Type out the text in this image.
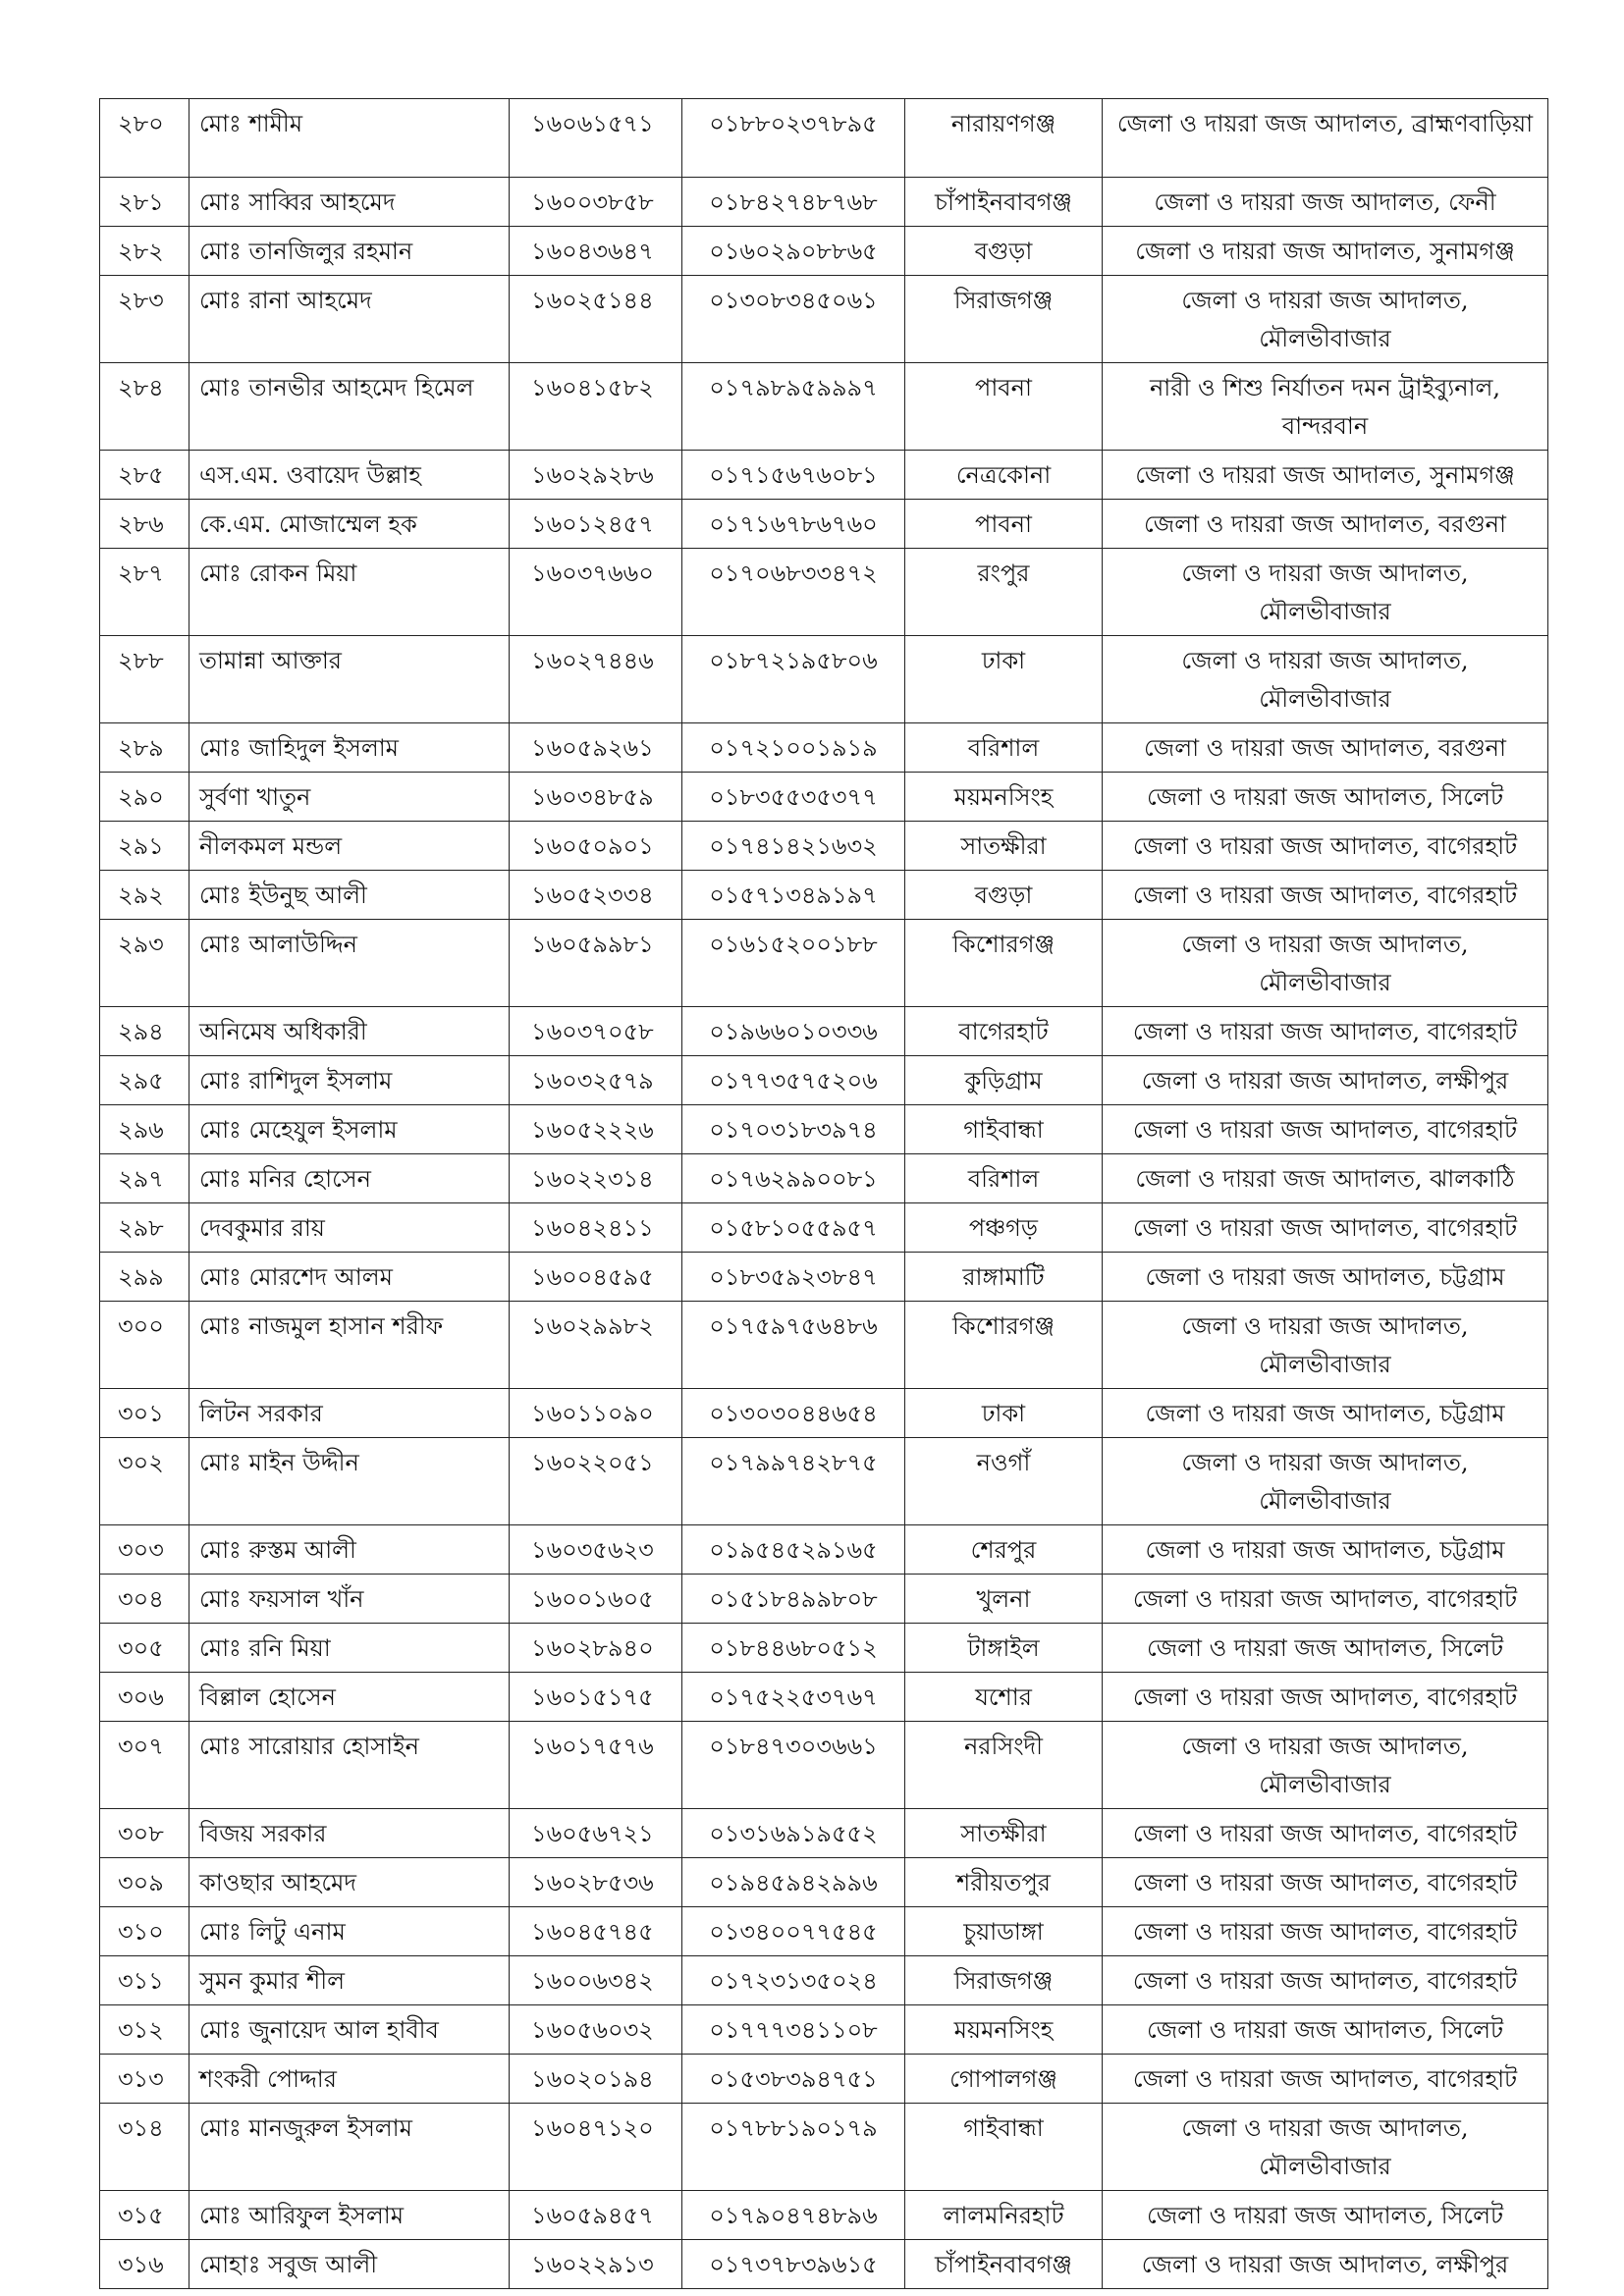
২৮০	মোঃ শামীম	১৬০৬১৫৭১	০১৮৮০২৩৭৮৯৫	নারায়ণগঞ্জ	জেলা ও দায়রা জজ আদালত, ব্রাহ্মণবাড়িয়া
২৮১	মোঃ সাব্বির আহমেদ	১৬০০৩৮৫৮	০১৮৪২৭৪৮৭৬৮	চাঁপাইনবাবগঞ্জ	জেলা ও দায়রা জজ আদালত, ফেনী
২৮২	মোঃ তানজিলুর রহমান	১৬০৪৩৬৪৭	০১৬০২৯০৮৮৬৫	বগুড়া	জেলা ও দায়রা জজ আদালত, সুনামগঞ্জ
২৮৩	মোঃ রানা আহমেদ	১৬০২৫১৪৪	০১৩০৮৩৪৫০৬১	সিরাজগঞ্জ	জেলা ও দায়রা জজ আদালত, মৌলভীবাজার
২৮৪	মোঃ তানভীর আহমেদ হিমেল	১৬০৪১৫৮২	০১৭৯৮৯৫৯৯৯৭	পাবনা	নারী ও শিশু নির্যাতন দমন ট্রাইব্যুনাল, বান্দরবান
২৮৫	এস.এম. ওবায়েদ উল্লাহ	১৬০২৯২৮৬	০১৭১৫৬৭৬০৮১	নেত্রকোনা	জেলা ও দায়রা জজ আদালত, সুনামগঞ্জ
২৮৬	কে.এম. মোজাম্মেল হক	১৬০১২৪৫৭	০১৭১৬৭৮৬৭৬০	পাবনা	জেলা ও দায়রা জজ আদালত, বরগুনা
২৮৭	মোঃ রোকন মিয়া	১৬০৩৭৬৬০	০১৭০৬৮৩৩৪৭২	রংপুর	জেলা ও দায়রা জজ আদালত, মৌলভীবাজার
২৮৮	তামান্না আক্তার	১৬০২৭৪৪৬	০১৮৭২১৯৫৮০৬	ঢাকা	জেলা ও দায়রা জজ আদালত, মৌলভীবাজার
২৮৯	মোঃ জাহিদুল ইসলাম	১৬০৫৯২৬১	০১৭২১০০১৯১৯	বরিশাল	জেলা ও দায়রা জজ আদালত, বরগুনা
২৯০	সুর্বণা খাতুন	১৬০৩৪৮৫৯	০১৮৩৫৫৩৫৩৭৭	ময়মনসিংহ	জেলা ও দায়রা জজ আদালত, সিলেট
২৯১	নীলকমল মন্ডল	১৬০৫০৯০১	০১৭৪১৪২১৬৩২	সাতক্ষীরা	জেলা ও দায়রা জজ আদালত, বাগেরহাট
২৯২	মোঃ ইউনুছ আলী	১৬০৫২৩৩৪	০১৫৭১৩৪৯১৯৭	বগুড়া	জেলা ও দায়রা জজ আদালত, বাগেরহাট
২৯৩	মোঃ আলাউদ্দিন	১৬০৫৯৯৮১	০১৬১৫২০০১৮৮	কিশোরগঞ্জ	জেলা ও দায়রা জজ আদালত, মৌলভীবাজার
২৯৪	অনিমেষ অধিকারী	১৬০৩৭০৫৮	০১৯৬৬০১০৩৩৬	বাগেরহাট	জেলা ও দায়রা জজ আদালত, বাগেরহাট
২৯৫	মোঃ রাশিদুল ইসলাম	১৬০৩২৫৭৯	০১৭৭৩৫৭৫২০৬	কুড়িগ্রাম	জেলা ও দায়রা জজ আদালত, লক্ষীপুর
২৯৬	মোঃ মেহেযুল ইসলাম	১৬০৫২২২৬	০১৭০৩১৮৩৯৭৪	গাইবান্ধা	জেলা ও দায়রা জজ আদালত, বাগেরহাট
২৯৭	মোঃ মনির হোসেন	১৬০২২৩১৪	০১৭৬২৯৯০০৮১	বরিশাল	জেলা ও দায়রা জজ আদালত, ঝালকাঠি
২৯৮	দেবকুমার রায়	১৬০৪২৪১১	০১৫৮১০৫৫৯৫৭	পঞ্চগড়	জেলা ও দায়রা জজ আদালত, বাগেরহাট
২৯৯	মোঃ মোরশেদ আলম	১৬০০৪৫৯৫	০১৮৩৫৯২৩৮৪৭	রাঙ্গামাটি	জেলা ও দায়রা জজ আদালত, চট্টগ্রাম
৩০০	মোঃ নাজমুল হাসান শরীফ	১৬০২৯৯৮২	০১৭৫৯৭৫৬৪৮৬	কিশোরগঞ্জ	জেলা ও দায়রা জজ আদালত, মৌলভীবাজার
৩০১	লিটন সরকার	১৬০১১০৯০	০১৩০৩০৪৪৬৫৪	ঢাকা	জেলা ও দায়রা জজ আদালত, চট্টগ্রাম
৩০২	মোঃ মাইন উদ্দীন	১৬০২২০৫১	০১৭৯৯৭৪২৮৭৫	নওগাঁ	জেলা ও দায়রা জজ আদালত, মৌলভীবাজার
৩০৩	মোঃ রুস্তম আলী	১৬০৩৫৬২৩	০১৯৫৪৫২৯১৬৫	শেরপুর	জেলা ও দায়রা জজ আদালত, চট্টগ্রাম
৩০৪	মোঃ ফয়সাল খাঁন	১৬০০১৬০৫	০১৫১৮৪৯৯৮০৮	খুলনা	জেলা ও দায়রা জজ আদালত, বাগেরহাট
৩০৫	মোঃ রনি মিয়া	১৬০২৮৯৪০	০১৮৪৪৬৮০৫১২	টাঙ্গাইল	জেলা ও দায়রা জজ আদালত, সিলেট
৩০৬	বিল্লাল হোসেন	১৬০১৫১৭৫	০১৭৫২২৫৩৭৬৭	যশোর	জেলা ও দায়রা জজ আদালত, বাগেরহাট
৩০৭	মোঃ সারোয়ার হোসাইন	১৬০১৭৫৭৬	০১৮৪৭৩০৩৬৬১	নরসিংদী	জেলা ও দায়রা জজ আদালত, মৌলভীবাজার
৩০৮	বিজয় সরকার	১৬০৫৬৭২১	০১৩১৬৯১৯৫৫২	সাতক্ষীরা	জেলা ও দায়রা জজ আদালত, বাগেরহাট
৩০৯	কাওছার আহমেদ	১৬০২৮৫৩৬	০১৯৪৫৯৪২৯৯৬	শরীয়তপুর	জেলা ও দায়রা জজ আদালত, বাগেরহাট
৩১০	মোঃ লিটু এনাম	১৬০৪৫৭৪৫	০১৩৪০০৭৭৫৪৫	চুয়াডাঙ্গা	জেলা ও দায়রা জজ আদালত, বাগেরহাট
৩১১	সুমন কুমার শীল	১৬০০৬৩৪২	০১৭২৩১৩৫০২৪	সিরাজগঞ্জ	জেলা ও দায়রা জজ আদালত, বাগেরহাট
৩১২	মোঃ জুনায়েদ আল হাবীব	১৬০৫৬০৩২	০১৭৭৭৩৪১১০৮	ময়মনসিংহ	জেলা ও দায়রা জজ আদালত, সিলেট
৩১৩	শংকরী পোদ্দার	১৬০২০১৯৪	০১৫৩৮৩৯৪৭৫১	গোপালগঞ্জ	জেলা ও দায়রা জজ আদালত, বাগেরহাট
৩১৪	মোঃ মানজুরুল ইসলাম	১৬০৪৭১২০	০১৭৮৮১৯০১৭৯	গাইবান্ধা	জেলা ও দায়রা জজ আদালত, মৌলভীবাজার
৩১৫	মোঃ আরিফুল ইসলাম	১৬০৫৯৪৫৭	০১৭৯০৪৭৪৮৯৬	লালমনিরহাট	জেলা ও দায়রা জজ আদালত, সিলেট
৩১৬	মোহাঃ সবুজ আলী	১৬০২২৯১৩	০১৭৩৭৮৩৯৬১৫	চাঁপাইনবাবগঞ্জ	জেলা ও দায়রা জজ আদালত, লক্ষীপুর
